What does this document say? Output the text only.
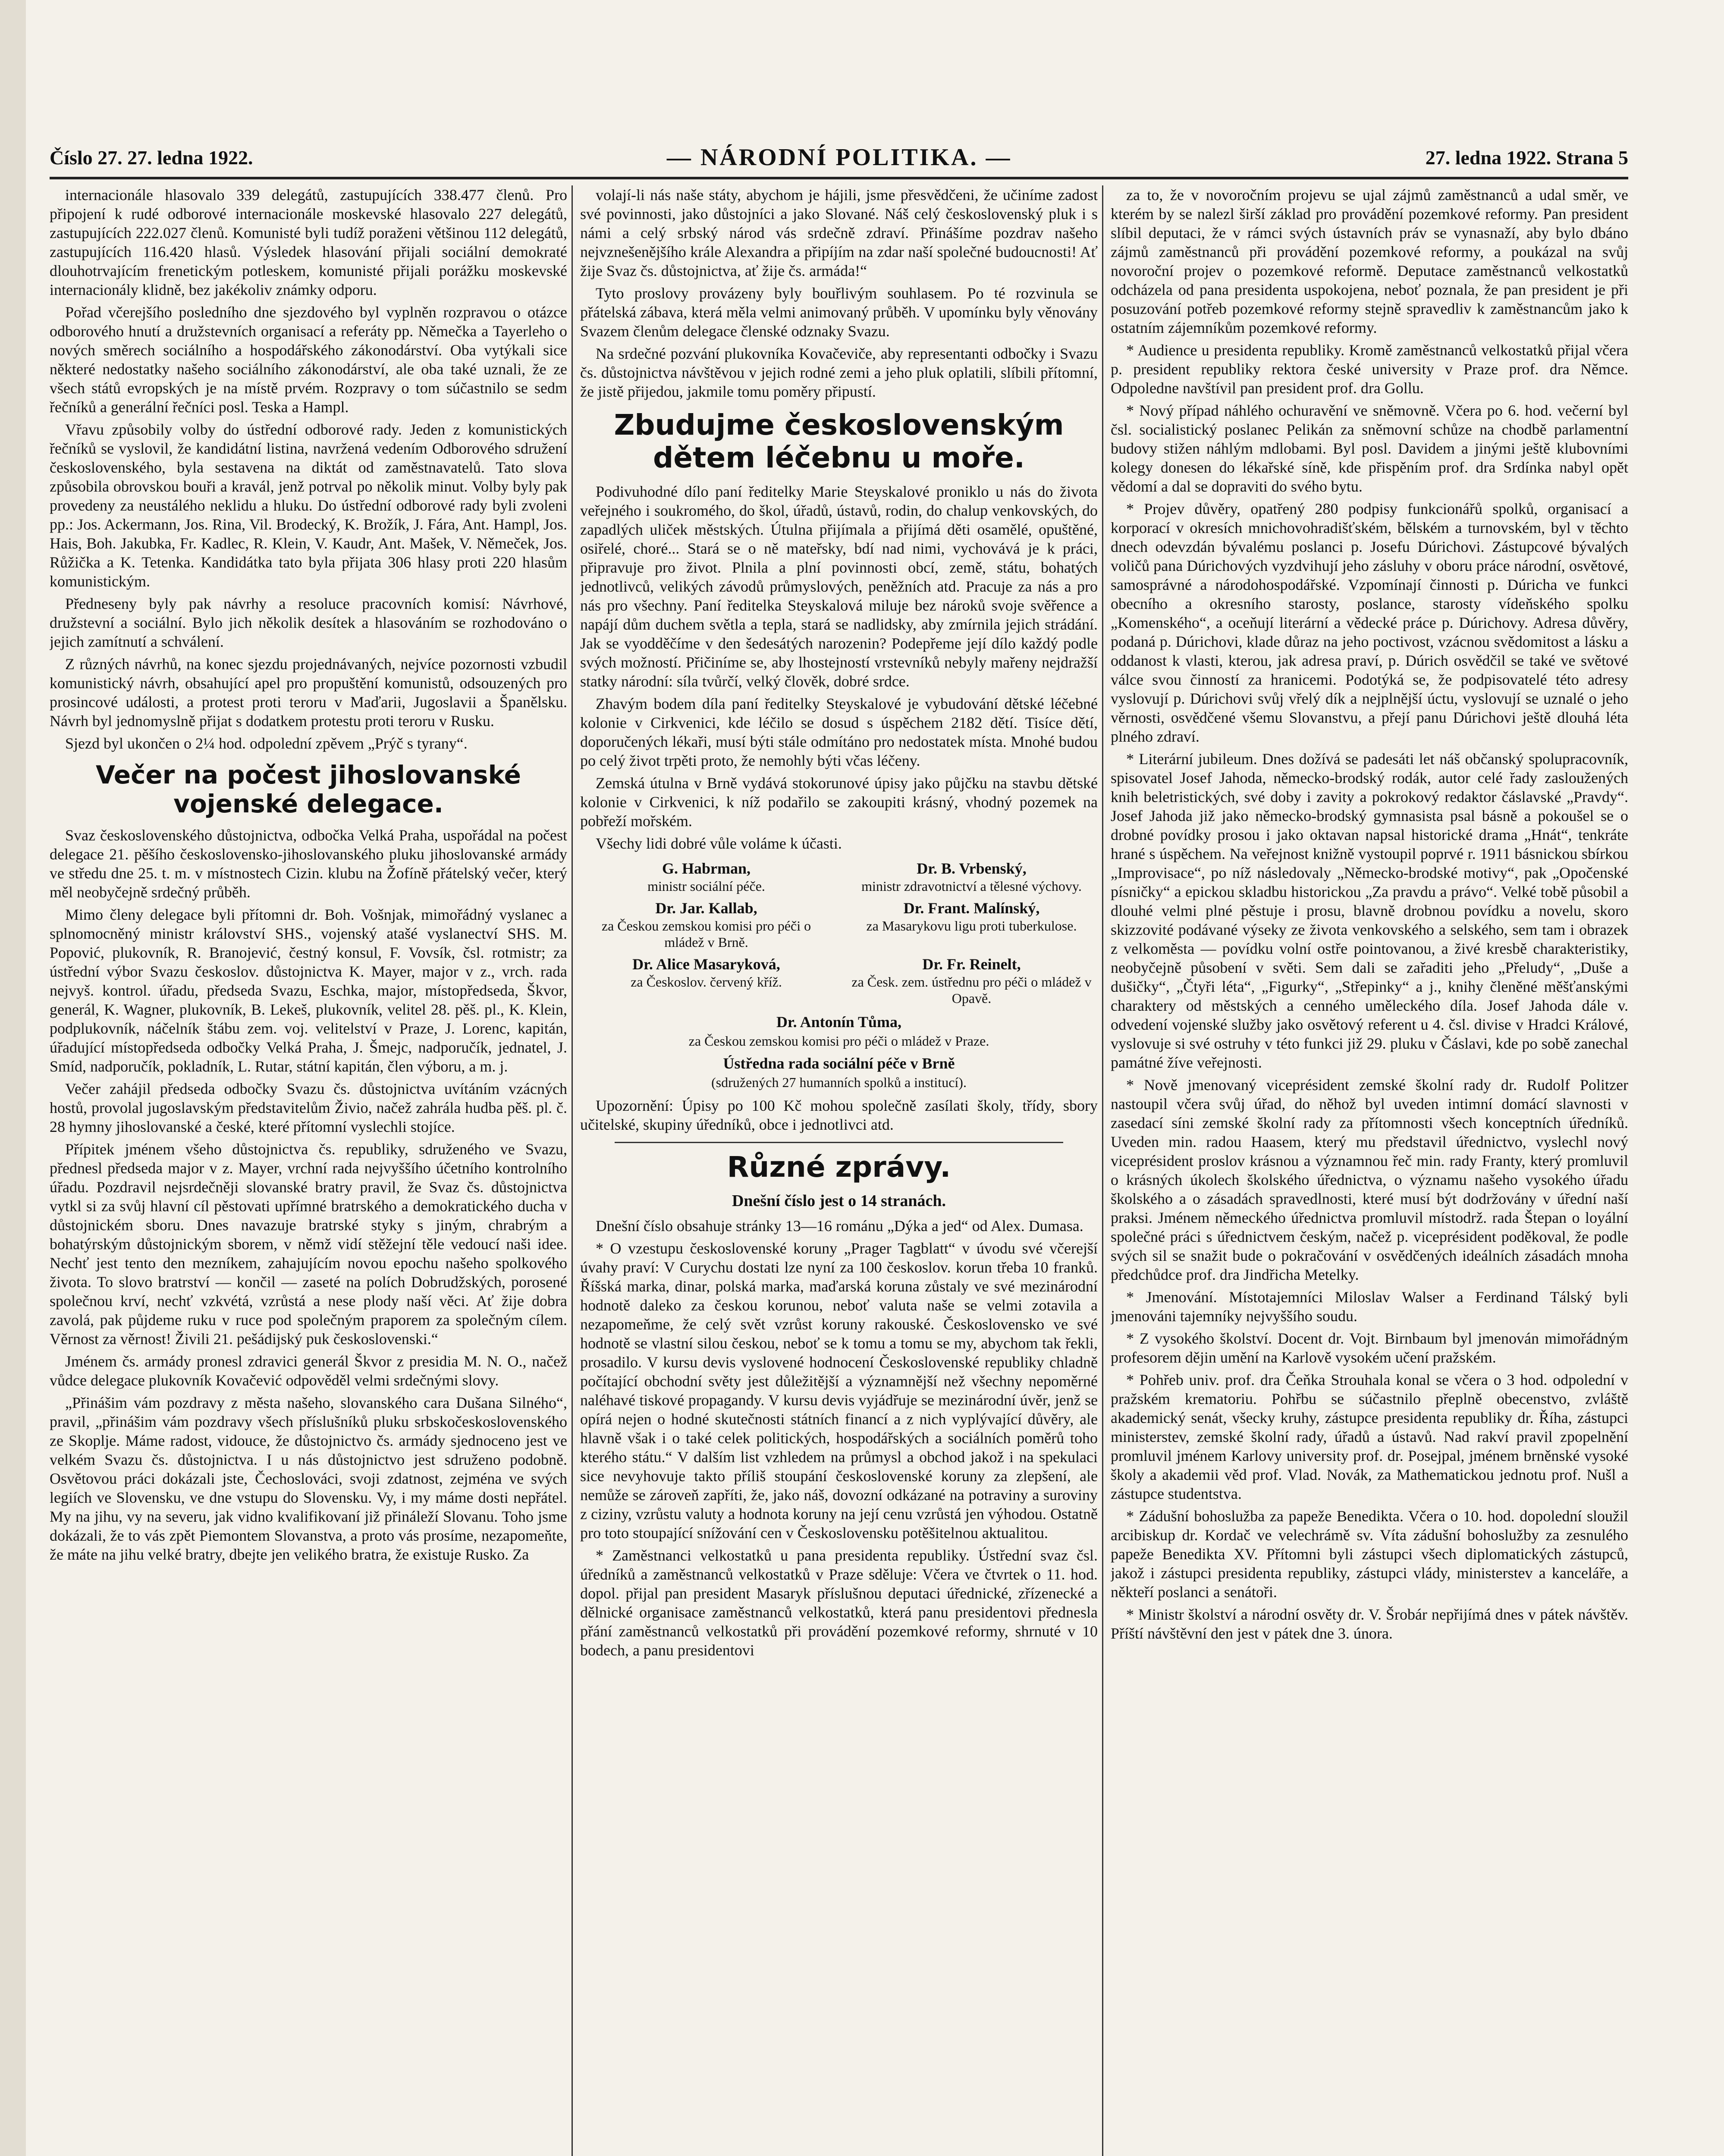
Číslo 27. 27. ledna 1922.	— NÁRODNÍ POLITIKA. —	27. ledna 1922. Strana 5

internacionále hlasovalo 339 delegátů, zastupujících 338.477 členů. Pro připojení k rudé odborové internacionále moskevské hlasovalo 227 delegátů, zastupujících 222.027 členů. Komunisté byli tudíž poraženi většinou 112 delegátů, zastupujících 116.420 hlasů. Výsledek hlasování přijali sociální demokraté dlouhotrvajícím frenetickým potleskem, komunisté přijali porážku moskevské internacionály klidně, bez jakékoliv známky odporu.

Pořad včerejšího posledního dne sjezdového byl vyplněn rozpravou o otázce odborového hnutí a družstevních organisací a referáty pp. Němečka a Tayerleho o nových směrech sociálního a hospodářského zákonodárství. Oba vytýkali sice některé nedostatky našeho sociálního zákonodárství, ale oba také uznali, že ze všech států evropských je na místě prvém. Rozpravy o tom súčastnilo se sedm řečníků a generální řečníci posl. Teska a Hampl.

Vřavu způsobily volby do ústřední odborové rady. Jeden z komunistických řečníků se vyslovil, že kandidátní listina, navržená vedením Odborového sdružení československého, byla sestavena na diktát od zaměstnavatelů. Tato slova způsobila obrovskou bouři a kravál, jenž potrval po několik minut. Volby byly pak provedeny za neustálého neklidu a hluku. Do ústřední odborové rady byli zvoleni pp.: Jos. Ackermann, Jos. Rina, Vil. Brodecký, K. Brožík, J. Fára, Ant. Hampl, Jos. Hais, Boh. Jakubka, Fr. Kadlec, R. Klein, V. Kaudr, Ant. Mašek, V. Němeček, Jos. Růžička a K. Tetenka. Kandidátka tato byla přijata 306 hlasy proti 220 hlasům komunistickým.

Předneseny byly pak návrhy a resoluce pracovních komisí: Návrhové, družstevní a sociální. Bylo jich několik desítek a hlasováním se rozhodováno o jejich zamítnutí a schválení.

Z různých návrhů, na konec sjezdu projednávaných, nejvíce pozornosti vzbudil komunistický návrh, obsahující apel pro propuštění komunistů, odsouzených pro prosincové události, a protest proti teroru v Maďarii, Jugoslavii a Španělsku. Návrh byl jednomyslně přijat s dodatkem protestu proti teroru v Rusku.

Sjezd byl ukončen o 2¼ hod. odpolední zpěvem „Prýč s tyrany“.

Večer na počest jihoslovanské vojenské delegace.

Svaz československého důstojnictva, odbočka Velká Praha, uspořádal na počest delegace 21. pěšího československo-jihoslovanského pluku jihoslovanské armády ve středu dne 25. t. m. v místnostech Cizin. klubu na Žofíně přátelský večer, který měl neobyčejně srdečný průběh.

Mimo členy delegace byli přítomni dr. Boh. Vošnjak, mimořádný vyslanec a splnomocněný ministr království SHS., vojenský atašé vyslanectví SHS. M. Popović, plukovník, R. Branojević, čestný konsul, F. Vovsík, čsl. rotmistr; za ústřední výbor Svazu českoslov. důstojnictva K. Mayer, major v z., vrch. rada nejvyš. kontrol. úřadu, předseda Svazu, Eschka, major, místopředseda, Škvor, generál, K. Wagner, plukovník, B. Lekeš, plukovník, velitel 28. pěš. pl., K. Klein, podplukovník, náčelník štábu zem. voj. velitelství v Praze, J. Lorenc, kapitán, úřadující místopředseda odbočky Velká Praha, J. Šmejc, nadporučík, jednatel, J. Smíd, nadporučík, pokladník, L. Rutar, státní kapitán, člen výboru, a m. j.

Večer zahájil předseda odbočky Svazu čs. důstojnictva uvítáním vzácných hostů, provolal jugoslavským představitelům Živio, načež zahrála hudba pěš. pl. č. 28 hymny jihoslovanské a české, které přítomní vyslechli stojíce.

Přípitek jménem všeho důstojnictva čs. republiky, sdruženého ve Svazu, přednesl předseda major v z. Mayer, vrchní rada nejvyššího účetního kontrolního úřadu. Pozdravil nejsrdečněji slovanské bratry pravil, že Svaz čs. důstojnictva vytkl si za svůj hlavní cíl pěstovati upřímné bratrského a demokratického ducha v důstojnickém sboru. Dnes navazuje bratrské styky s jiným, chrabrým a bohatýrským důstojnickým sborem, v němž vidí stěžejní těle vedoucí naši idee. Nechť jest tento den mezníkem, zahajujícím novou epochu našeho spolkového života. To slovo bratrství — končil — zaseté na polích Dobrudžských, porosené společnou krví, nechť vzkvétá, vzrůstá a nese plody naší věci. Ať žije dobra zavolá, pak půjdeme ruku v ruce pod společným praporem za společným cílem. Věrnost za věrnost! Živili 21. pešádijský puk československi.“

Jménem čs. armády pronesl zdravici generál Škvor z presidia M. N. O., načež vůdce delegace plukovník Kovačević odpověděl velmi srdečnými slovy.

„Přinášim vám pozdravy z města našeho, slovanského cara Dušana Silného“, pravil, „přinášim vám pozdravy všech příslušníků pluku srbskočeskoslovenského ze Skoplje. Máme radost, vidouce, že důstojnictvo čs. armády sjednoceno jest ve velkém Svazu čs. důstojnictva. I u nás důstojnictvo jest sdruženo podobně. Osvětovou práci dokázali jste, Čechoslováci, svoji zdatnost, zejména ve svých legiích ve Slovensku, ve dne vstupu do Slovensku. Vy, i my máme dosti nepřátel. My na jihu, vy na severu, jak vidno kvalifikovaní již přináleží Slovanu. Toho jsme dokázali, že to vás zpět Piemontem Slovanstva, a proto vás prosíme, nezapomeňte, že máte na jihu velké bratry, dbejte jen velikého bratra, že existuje Rusko. Za

volají-li nás naše státy, abychom je hájili, jsme přesvědčeni, že učiníme zadost své povinnosti, jako důstojníci a jako Slované. Náš celý československý pluk i s námi a celý srbský národ vás srdečně zdraví. Přinášíme pozdrav našeho nejvznešenějšího krále Alexandra a připíjím na zdar naší společné budoucnosti! Ať žije Svaz čs. důstojnictva, ať žije čs. armáda!“

Tyto proslovy provázeny byly bouřlivým souhlasem. Po té rozvinula se přátelská zábava, která měla velmi animovaný průběh. V upomínku byly věnovány Svazem členům delegace členské odznaky Svazu.

Na srdečné pozvání plukovníka Kovačeviče, aby representanti odbočky i Svazu čs. důstojnictva návštěvou v jejich rodné zemi a jeho pluk oplatili, slíbili přítomní, že jistě přijedou, jakmile tomu poměry připustí.

Zbudujme československým dětem léčebnu u moře.

Podivuhodné dílo paní ředitelky Marie Steyskalové proniklo u nás do života veřejného i soukromého, do škol, úřadů, ústavů, rodin, do chalup venkovských, do zapadlých uliček městských. Útulna přijímala a přijímá děti osamělé, opuštěné, osiřelé, choré... Stará se o ně mateřsky, bdí nad nimi, vychovává je k práci, připravuje pro život. Plnila a plní povinnosti obcí, země, státu, bohatých jednotlivců, velikých závodů průmyslových, peněžních atd. Pracuje za nás a pro nás pro všechny. Paní ředitelka Steyskalová miluje bez nároků svoje svěřence a napájí dům duchem světla a tepla, stará se nadlidsky, aby zmírnila jejich strádání. Jak se vyodděčíme v den šedesátých narozenin? Podepřeme její dílo každý podle svých možností. Přičiníme se, aby lhostejností vrstevníků nebyly mařeny nejdražší statky národní: síla tvůrčí, velký člověk, dobré srdce.

Zhavým bodem díla paní ředitelky Steyskalové je vybudování dětské léčebné kolonie v Cirkvenici, kde léčilo se dosud s úspěchem 2182 dětí. Tisíce dětí, doporučených lékaři, musí býti stále odmítáno pro nedostatek místa. Mnohé budou po celý život trpěti proto, že nemohly býti včas léčeny.

Zemská útulna v Brně vydává stokorunové úpisy jako půjčku na stavbu dětské kolonie v Cirkvenici, k níž podařilo se zakoupiti krásný, vhodný pozemek na pobřeží mořském.

Všechy lidi dobré vůle voláme k účasti.

G. Habrman,
ministr sociální péče.
Dr. B. Vrbenský,
ministr zdravotnictví a tělesné výchovy.
Dr. Jar. Kallab,
za Českou zemskou komisi pro péči o mládež v Brně.
Dr. Frant. Malínský,
za Masarykovu ligu proti tuberkulose.
Dr. Alice Masaryková,
za Českoslov. červený kříž.
Dr. Fr. Reinelt,
za Česk. zem. ústřednu pro péči o mládež v Opavě.
Dr. Antonín Tůma,
za Českou zemskou komisi pro péči o mládež v Praze.
Ústředna rada sociální péče v Brně
(sdružených 27 humanních spolků a institucí).

Upozornění: Úpisy po 100 Kč mohou společně zasílati školy, třídy, sbory učitelské, skupiny úředníků, obce i jednotlivci atd.

Různé zprávy.
Dnešní číslo jest o 14 stranách.

Dnešní číslo obsahuje stránky 13—16 románu „Dýka a jed“ od Alex. Dumasa.

* O vzestupu československé koruny „Prager Tagblatt“ v úvodu své včerejší úvahy praví: V Curychu dostati lze nyní za 100 českoslov. korun třeba 10 franků. Říšská marka, dinar, polská marka, maďarská koruna zůstaly ve své mezinárodní hodnotě daleko za českou korunou, neboť valuta naše se velmi zotavila a nezapomeňme, že celý svět vzrůst koruny rakouské. Československo ve své hodnotě se vlastní silou českou, neboť se k tomu a tomu se my, abychom tak řekli, prosadilo. V kursu devis vyslovené hodnocení Československé republiky chladně počítající obchodní světy jest důležitější a významnější než všechny nepoměrné naléhavé tiskové propagandy. V kursu devis vyjádřuje se mezinárodní úvěr, jenž se opírá nejen o hodné skutečnosti státních financí a z nich vyplývající důvěry, ale hlavně však i o také celek politických, hospodářských a sociálních poměrů toho kterého státu.“ V dalším list vzhledem na průmysl a obchod jakož i na spekulaci sice nevyhovuje takto příliš stoupání československé koruny za zlepšení, ale nemůže se zároveň zapříti, že, jako náš, dovozní odkázané na potraviny a suroviny z ciziny, vzrůstu valuty a hodnota koruny na její cenu vzrůstá jen výhodou. Ostatně pro toto stoupající snížování cen v Československu potěšitelnou aktualitou.

* Zaměstnanci velkostatků u pana presidenta republiky. Ústřední svaz čsl. úředníků a zaměstnanců velkostatků v Praze sděluje: Včera ve čtvrtek o 11. hod. dopol. přijal pan president Masaryk příslušnou deputaci úřednické, zřízenecké a dělnické organisace zaměstnanců velkostatků, která panu presidentovi přednesla přání zaměstnanců velkostatků při provádění pozemkové reformy, shrnuté v 10 bodech, a panu presidentovi

za to, že v novoročním projevu se ujal zájmů zaměstnanců a udal směr, ve kterém by se nalezl širší základ pro provádění pozemkové reformy. Pan president slíbil deputaci, že v rámci svých ústavních práv se vynasnaží, aby bylo dbáno zájmů zaměstnanců při provádění pozemkové reformy, a poukázal na svůj novoroční projev o pozemkové reformě. Deputace zaměstnanců velkostatků odcházela od pana presidenta uspokojena, neboť poznala, že pan president je při posuzování potřeb pozemkové reformy stejně spravedliv k zaměstnancům jako k ostatním zájemníkům pozemkové reformy.

* Audience u presidenta republiky. Kromě zaměstnanců velkostatků přijal včera p. president republiky rektora české university v Praze prof. dra Němce. Odpoledne navštívil pan president prof. dra Gollu.

* Nový případ náhlého ochuravění ve sněmovně. Včera po 6. hod. večerní byl čsl. socialistický poslanec Pelikán za sněmovní schůze na chodbě parlamentní budovy stižen náhlým mdlobami. Byl posl. Davidem a jinými ještě klubovními kolegy donesen do lékařské síně, kde přispěním prof. dra Srdínka nabyl opět vědomí a dal se dopraviti do svého bytu.

* Projev důvěry, opatřený 280 podpisy funkcionářů spolků, organisací a korporací v okresích mnichovohradišťském, bělském a turnovském, byl v těchto dnech odevzdán bývalému poslanci p. Josefu Dúrichovi. Zástupcové bývalých voličů pana Dúrichových vyzdvihují jeho zásluhy v oboru práce národní, osvětové, samosprávné a národohospodářské. Vzpomínají činnosti p. Dúricha ve funkci obecního a okresního starosty, poslance, starosty vídeňského spolku „Komenského“, a oceňují literární a vědecké práce p. Dúrichovy. Adresa důvěry, podaná p. Dúrichovi, klade důraz na jeho poctivost, vzácnou svědomitost a lásku a oddanost k vlasti, kterou, jak adresa praví, p. Dúrich osvědčil se také ve světové válce svou činností za hranicemi. Podotýká se, že podpisovatelé této adresy vyslovují p. Dúrichovi svůj vřelý dík a nejplnější úctu, vyslovují se uznalé o jeho věrnosti, osvědčené všemu Slovanstvu, a přejí panu Dúrichovi ještě dlouhá léta plného zdraví.

* Literární jubileum. Dnes dožívá se padesáti let náš občanský spolupracovník, spisovatel Josef Jahoda, německo-brodský rodák, autor celé řady zasloužených knih beletristických, své doby i zavity a pokrokový redaktor čáslavské „Pravdy“. Josef Jahoda již jako německo-brodský gymnasista psal básně a pokoušel se o drobné povídky prosou i jako oktavan napsal historické drama „Hnát“, tenkráte hrané s úspěchem. Na veřejnost knižně vystoupil poprvé r. 1911 básnickou sbírkou „Improvisace“, po níž následovaly „Německo-brodské motivy“, pak „Opočenské písničky“ a epickou skladbu historickou „Za pravdu a právo“. Velké tobě působil a dlouhé velmi plné pěstuje i prosu, blavně drobnou povídku a novelu, skoro skizzovité podávané výseky ze života venkovského a selského, sem tam i obrazek z velkoměsta — povídku volní ostře pointovanou, a živé kresbě charakteristiky, neobyčejně působení v světi. Sem dali se zařaditi jeho „Přeludy“, „Duše a dušičky“, „Čtyři léta“, „Figurky“, „Střepinky“ a j., knihy členěné měšťanskými charaktery od městských a cenného uměleckého díla. Josef Jahoda dále v. odvedení vojenské služby jako osvětový referent u 4. čsl. divise v Hradci Králové, vyslovuje si své ostruhy v této funkci již 29. pluku v Čáslavi, kde po sobě zanechal památné žíve veřejnosti.

* Nově jmenovaný viceprésident zemské školní rady dr. Rudolf Politzer nastoupil včera svůj úřad, do něhož byl uveden intimní domácí slavnosti v zasedací síni zemské školní rady za přítomnosti všech konceptních úředníků. Uveden min. radou Haasem, který mu představil úřednictvo, vyslechl nový viceprésident proslov krásnou a významnou řeč min. rady Franty, který promluvil o krásných úkolech školského úřednictva, o významu našeho vysokého úřadu školského a o zásadách spravedlnosti, které musí být dodržovány v úřední naší praksi. Jménem německého úřednictva promluvil místodrž. rada Štepan o loyální společné práci s úřednictvem českým, načež p. viceprésident poděkoval, že podle svých sil se snažit bude o pokračování v osvědčených ideálních zásadách mnoha předchůdce prof. dra Jindřicha Metelky.

* Jmenování. Místotajemníci Miloslav Walser a Ferdinand Tálský byli jmenováni tajemníky nejvyššího soudu.

* Z vysokého školství. Docent dr. Vojt. Birnbaum byl jmenován mimořádným profesorem dějin umění na Karlově vysokém učení pražském.

* Pohřeb univ. prof. dra Čeňka Strouhala konal se včera o 3 hod. odpolední v pražském krematoriu. Pohřbu se súčastnilo přeplně obecenstvo, zvláště akademický senát, všecky kruhy, zástupce presidenta republiky dr. Říha, zástupci ministerstev, zemské školní rady, úřadů a ústavů. Nad rakví pravil zpopelnění promluvil jménem Karlovy university prof. dr. Posejpal, jménem brněnské vysoké školy a akademii věd prof. Vlad. Novák, za Mathematickou jednotu prof. Nušl a zástupce studentstva.

* Zádušní bohoslužba za papeže Benedikta. Včera o 10. hod. dopolední sloužil arcibiskup dr. Kordač ve velechrámě sv. Víta zádušní bohoslužby za zesnulého papeže Benedikta XV. Přítomni byli zástupci všech diplomatických zástupců, jakož i zástupci presidenta republiky, zástupci vlády, ministerstev a kanceláře, a někteří poslanci a senátoři.

* Ministr školství a národní osvěty dr. V. Šrobár nepřijímá dnes v pátek návštěv. Příští návštěvní den jest v pátek dne 3. února.
